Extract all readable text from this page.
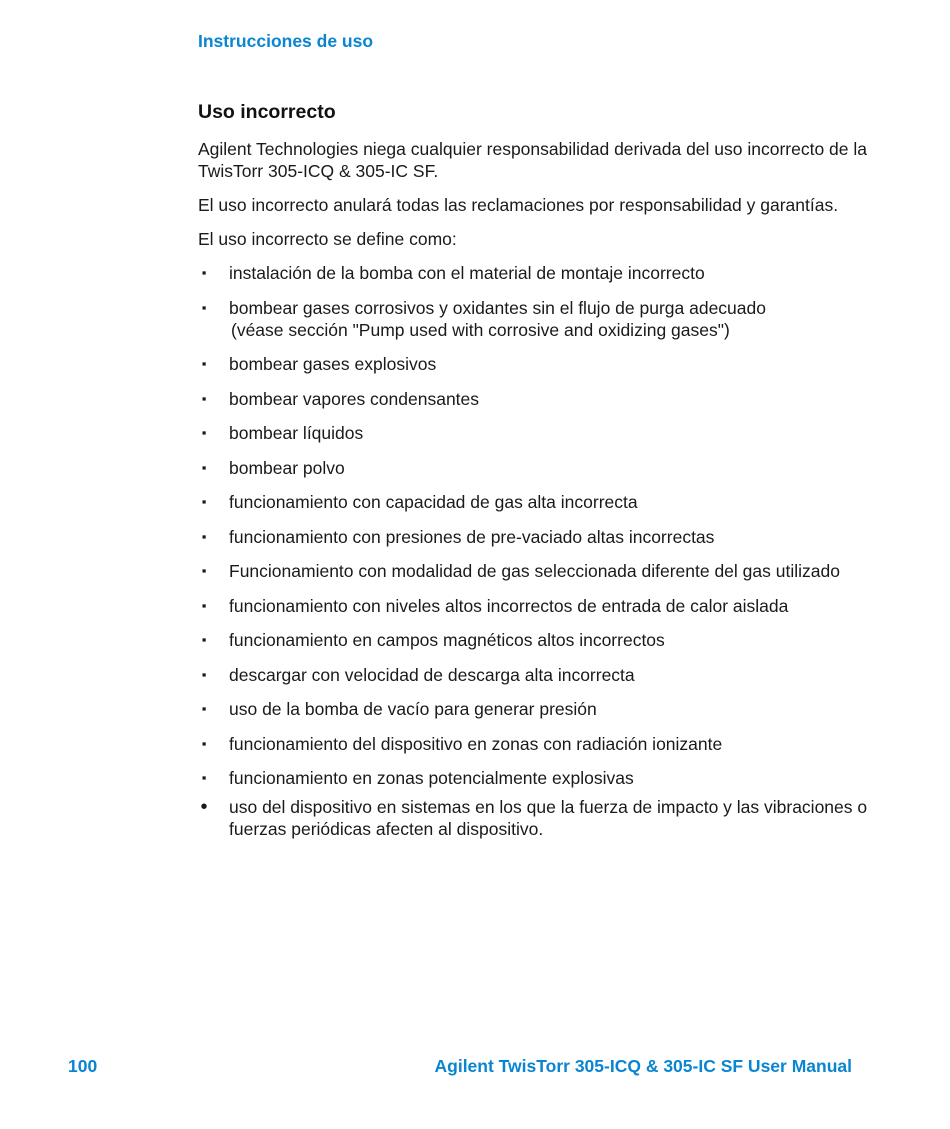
Instrucciones de uso
Uso incorrecto

Agilent Technologies niega cualquier responsabilidad derivada del uso incorrecto de la TwisTorr 305-ICQ & 305-IC SF.

El uso incorrecto anulará todas las reclamaciones por responsabilidad y garantías.

El uso incorrecto se define como:

▪ instalación de la bomba con el material de montaje incorrecto
▪ bombear gases corrosivos y oxidantes sin el flujo de purga adecuado
(véase sección "Pump used with corrosive and oxidizing gases")
▪ bombear gases explosivos
▪ bombear vapores condensantes
▪ bombear líquidos
▪ bombear polvo
▪ funcionamiento con capacidad de gas alta incorrecta
▪ funcionamiento con presiones de pre-vaciado altas incorrectas
▪ Funcionamiento con modalidad de gas seleccionada diferente del gas utilizado
▪ funcionamiento con niveles altos incorrectos de entrada de calor aislada
▪ funcionamiento en campos magnéticos altos incorrectos
▪ descargar con velocidad de descarga alta incorrecta
▪ uso de la bomba de vacío para generar presión
▪ funcionamiento del dispositivo en zonas con radiación ionizante
▪ funcionamiento en zonas potencialmente explosivas
• uso del dispositivo en sistemas en los que la fuerza de impacto y las vibraciones o fuerzas periódicas afecten al dispositivo.
100	Agilent TwisTorr 305-ICQ & 305-IC SF User Manual
